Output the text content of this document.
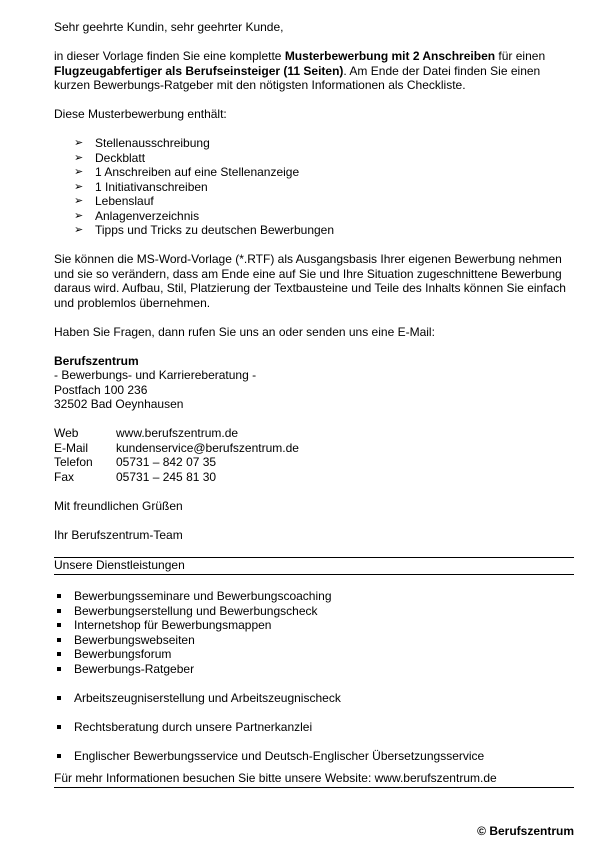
Sehr geehrte Kundin, sehr geehrter Kunde,

in dieser Vorlage finden Sie eine komplette Musterbewerbung mit 2 Anschreiben für einen Flugzeugabfertiger als Berufseinsteiger (11 Seiten). Am Ende der Datei finden Sie einen kurzen Bewerbungs-Ratgeber mit den nötigsten Informationen als Checkliste.

Diese Musterbewerbung enthält:

➢ Stellenausschreibung
➢ Deckblatt
➢ 1 Anschreiben auf eine Stellenanzeige
➢ 1 Initiativanschreiben
➢ Lebenslauf
➢ Anlagenverzeichnis
➢ Tipps und Tricks zu deutschen Bewerbungen

Sie können die MS-Word-Vorlage (*.RTF) als Ausgangsbasis Ihrer eigenen Bewerbung nehmen und sie so verändern, dass am Ende eine auf Sie und Ihre Situation zugeschnittene Bewerbung daraus wird. Aufbau, Stil, Platzierung der Textbausteine und Teile des Inhalts können Sie einfach und problemlos übernehmen.

Haben Sie Fragen, dann rufen Sie uns an oder senden uns eine E-Mail:

Berufszentrum

- Bewerbungs- und Karriereberatung -

Postfach 100 236

32502 Bad Oeynhausen

Web	www.berufszentrum.de
E-Mail	kundenservice@berufszentrum.de
Telefon	05731 – 842 07 35
Fax	05731 – 245 81 30

Mit freundlichen Grüßen

Ihr Berufszentrum-Team

Unsere Dienstleistungen

Bewerbungsseminare und Bewerbungscoaching
Bewerbungserstellung und Bewerbungscheck
Internetshop für Bewerbungsmappen
Bewerbungswebseiten
Bewerbungsforum
Bewerbungs-Ratgeber
Arbeitszeugniserstellung und Arbeitszeugnischeck
Rechtsberatung durch unsere Partnerkanzlei
Englischer Bewerbungsservice und Deutsch-Englischer Übersetzungsservice

Für mehr Informationen besuchen Sie bitte unsere Website: www.berufszentrum.de

© Berufszentrum
